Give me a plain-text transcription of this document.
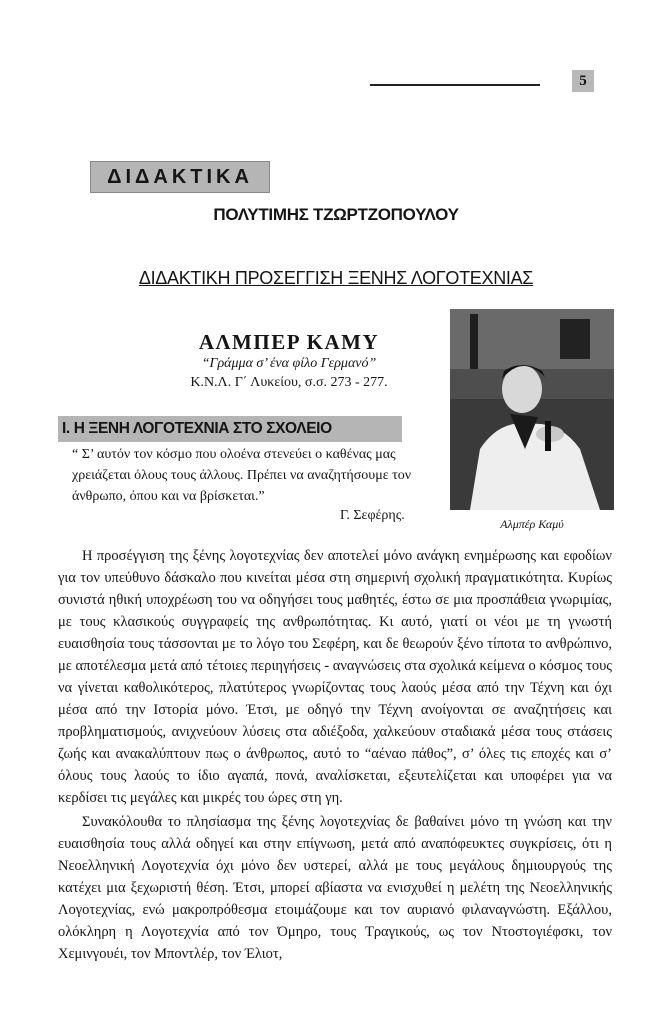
5
ΔΙΔΑΚΤΙΚΑ
ΠΟΛΥΤΙΜΗΣ ΤΖΩΡΤΖΟΠΟΥΛΟΥ
ΔΙΔΑΚΤΙΚΗ ΠΡΟΣΕΓΓΙΣΗ ΞΕΝΗΣ ΛΟΓΟΤΕΧΝΙΑΣ
ΑΛΜΠΕΡ ΚΑΜΥ
“Γράμμα σ’ ένα φίλο Γερμανό”
Κ.Ν.Λ. Γ΄ Λυκείου, σ.σ. 273 - 277.
Ι. Η ΞΕΝΗ ΛΟΓΟΤΕΧΝΙΑ ΣΤΟ ΣΧΟΛΕΙΟ
“ Σ’ αυτόν τον κόσμο που ολοένα στενεύει ο καθένας μας χρειάζεται όλους τους άλλους. Πρέπει να αναζητήσουμε τον άνθρωπο, όπου και να βρίσκεται.”
Γ. Σεφέρης.
Αλμπέρ Καμύ

Η προσέγγιση της ξένης λογοτεχνίας δεν αποτελεί μόνο ανάγκη ενημέρωσης και εφοδίων για τον υπεύθυνο δάσκαλο που κινείται μέσα στη σημερινή σχολική πραγματικότητα. Κυρίως συνιστά ηθική υποχρέωση του να οδηγήσει τους μαθητές, έστω σε μια προσπάθεια γνωριμίας, με τους κλασικούς συγγραφείς της ανθρωπότητας. Κι αυτό, γιατί οι νέοι με τη γνωστή ευαισθησία τους τάσσονται με το λόγο του Σεφέρη, και δε θεωρούν ξένο τίποτα το ανθρώπινο, με αποτέλεσμα μετά από τέτοιες περιηγήσεις - αναγνώσεις στα σχολικά κείμενα ο κόσμος τους να γίνεται καθολικότερος, πλατύτερος γνωρίζοντας τους λαούς μέσα από την Τέχνη και όχι μέσα από την Ιστορία μόνο. Έτσι, με οδηγό την Τέχνη ανοίγονται σε αναζητήσεις και προβληματισμούς, ανιχνεύουν λύσεις στα αδιέξοδα, χαλκεύουν σταδιακά μέσα τους στάσεις ζωής και ανακαλύπτουν πως ο άνθρωπος, αυτό το “αέναο πάθος”, σ’ όλες τις εποχές και σ’ όλους τους λαούς το ίδιο αγαπά, πονά, αναλίσκεται, εξευτελίζεται και υποφέρει για να κερδίσει τις μεγάλες και μικρές του ώρες στη γη.

Συνακόλουθα το πλησίασμα της ξένης λογοτεχνίας δε βαθαίνει μόνο τη γνώση και την ευαισθησία τους αλλά οδηγεί και στην επίγνωση, μετά από αναπόφευκτες συγκρίσεις, ότι η Νεοελληνική Λογοτεχνία όχι μόνο δεν υστερεί, αλλά με τους μεγάλους δημιουργούς της κατέχει μια ξεχωριστή θέση. Έτσι, μπορεί αβίαστα να ενισχυθεί η μελέτη της Νεοελληνικής Λογοτεχνίας, ενώ μακροπρόθεσμα ετοιμάζουμε και τον αυριανό φιλαναγνώστη. Εξάλλου, ολόκληρη η Λογοτεχνία από τον Όμηρο, τους Τραγικούς, ως τον Ντοστογιέφσκι, τον Χεμινγουέι, τον Μποντλέρ, τον Έλιοτ,
